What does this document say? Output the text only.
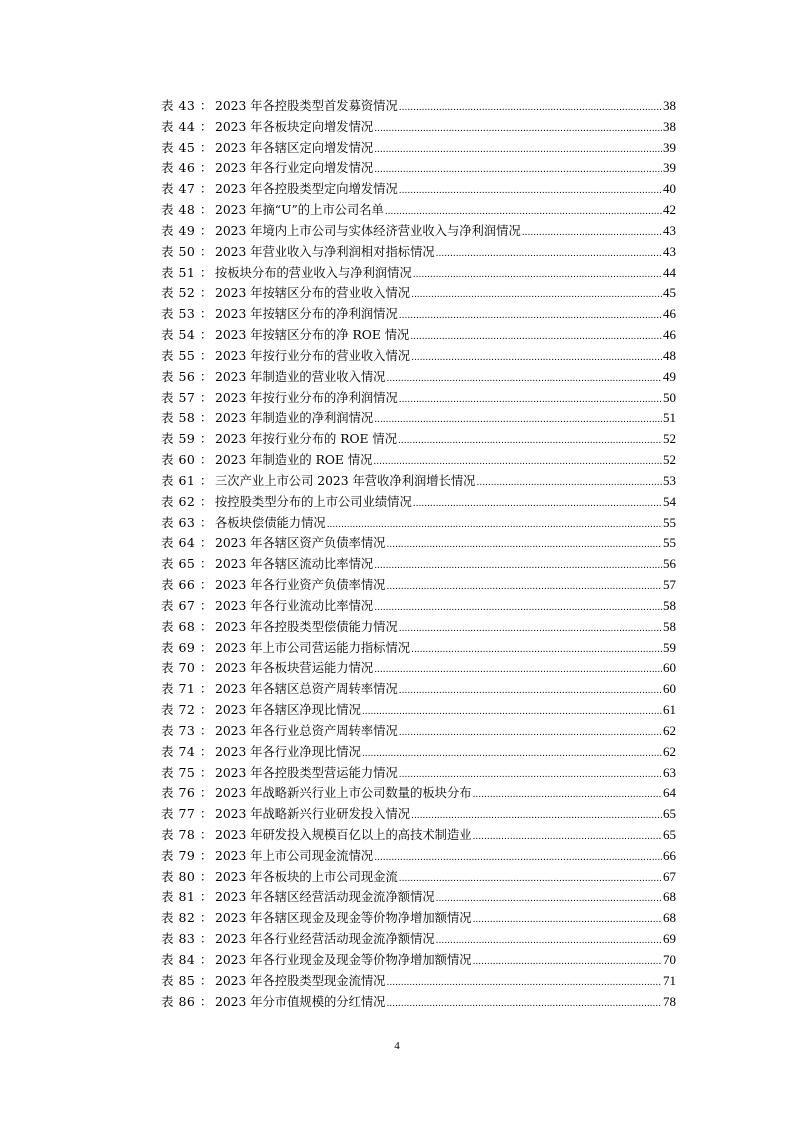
表 43 ： 2023 年各控股类型首发募资情况 .....	38
表 44 ： 2023 年各板块定向增发情况 .....	38
表 45 ： 2023 年各辖区定向增发情况 .....	39
表 46 ： 2023 年各行业定向增发情况 .....	39
表 47 ： 2023 年各控股类型定向增发情况 .....	40
表 48 ： 2023 年摘“U”的上市公司名单 .....	42
表 49 ： 2023 年境内上市公司与实体经济营业收入与净利润情况 .....	43
表 50 ： 2023 年营业收入与净利润相对指标情况 .....	43
表 51 ： 按板块分布的营业收入与净利润情况 .....	44
表 52 ： 2023 年按辖区分布的营业收入情况 .....	45
表 53 ： 2023 年按辖区分布的净利润情况 .....	46
表 54 ： 2023 年按辖区分布的净 ROE 情况 .....	46
表 55 ： 2023 年按行业分布的营业收入情况 .....	48
表 56 ： 2023 年制造业的营业收入情况 .....	49
表 57 ： 2023 年按行业分布的净利润情况 .....	50
表 58 ： 2023 年制造业的净利润情况 .....	51
表 59 ： 2023 年按行业分布的 ROE 情况 .....	52
表 60 ： 2023 年制造业的 ROE 情况 .....	52
表 61 ： 三次产业上市公司 2023 年营收净利润增长情况 .....	53
表 62 ： 按控股类型分布的上市公司业绩情况 .....	54
表 63 ： 各板块偿债能力情况 .....	55
表 64 ： 2023 年各辖区资产负债率情况 .....	55
表 65 ： 2023 年各辖区流动比率情况 .....	56
表 66 ： 2023 年各行业资产负债率情况 .....	57
表 67 ： 2023 年各行业流动比率情况 .....	58
表 68 ： 2023 年各控股类型偿债能力情况 .....	58
表 69 ： 2023 年上市公司营运能力指标情况 .....	59
表 70 ： 2023 年各板块营运能力情况 .....	60
表 71 ： 2023 年各辖区总资产周转率情况 .....	60
表 72 ： 2023 年各辖区净现比情况 .....	61
表 73 ： 2023 年各行业总资产周转率情况 .....	62
表 74 ： 2023 年各行业净现比情况 .....	62
表 75 ： 2023 年各控股类型营运能力情况 .....	63
表 76 ： 2023 年战略新兴行业上市公司数量的板块分布 .....	64
表 77 ： 2023 年战略新兴行业研发投入情况 .....	65
表 78 ： 2023 年研发投入规模百亿以上的高技术制造业 .....	65
表 79 ： 2023 年上市公司现金流情况 .....	66
表 80 ： 2023 年各板块的上市公司现金流 .....	67
表 81 ： 2023 年各辖区经营活动现金流净额情况 .....	68
表 82 ： 2023 年各辖区现金及现金等价物净增加额情况 .....	68
表 83 ： 2023 年各行业经营活动现金流净额情况 .....	69
表 84 ： 2023 年各行业现金及现金等价物净增加额情况 .....	70
表 85 ： 2023 年各控股类型现金流情况 .....	71
表 86 ： 2023 年分市值规模的分红情况 .....	78
4
